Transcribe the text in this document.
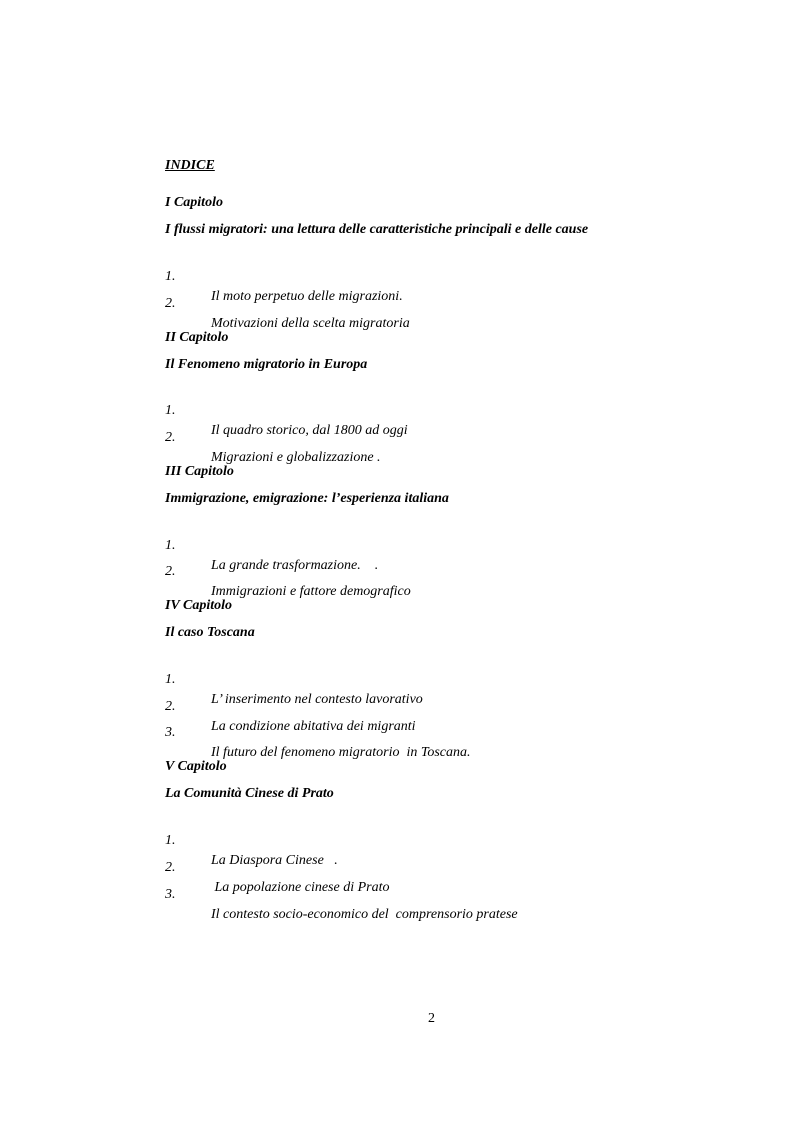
INDICE
I Capitolo
I flussi migratori: una lettura delle caratteristiche principali e delle cause

1.

Il moto perpetuo delle migrazioni.

2.

Motivazioni della scelta migratoria

II Capitolo
Il Fenomeno migratorio in Europa

1.

Il quadro storico, dal 1800 ad oggi

2.

Migrazioni e globalizzazione .

III Capitolo
Immigrazione, emigrazione: l’esperienza italiana

1.

La grande trasformazione.    .

2.

Immigrazioni e fattore demografico

IV Capitolo
Il caso Toscana

1.

L’ inserimento nel contesto lavorativo

2.

La condizione abitativa dei migranti

3.

Il futuro del fenomeno migratorio  in Toscana.

V Capitolo
La Comunità Cinese di Prato

1.

La Diaspora Cinese   .

2.

La popolazione cinese di Prato

3.

Il contesto socio-economico del  comprensorio pratese

2
